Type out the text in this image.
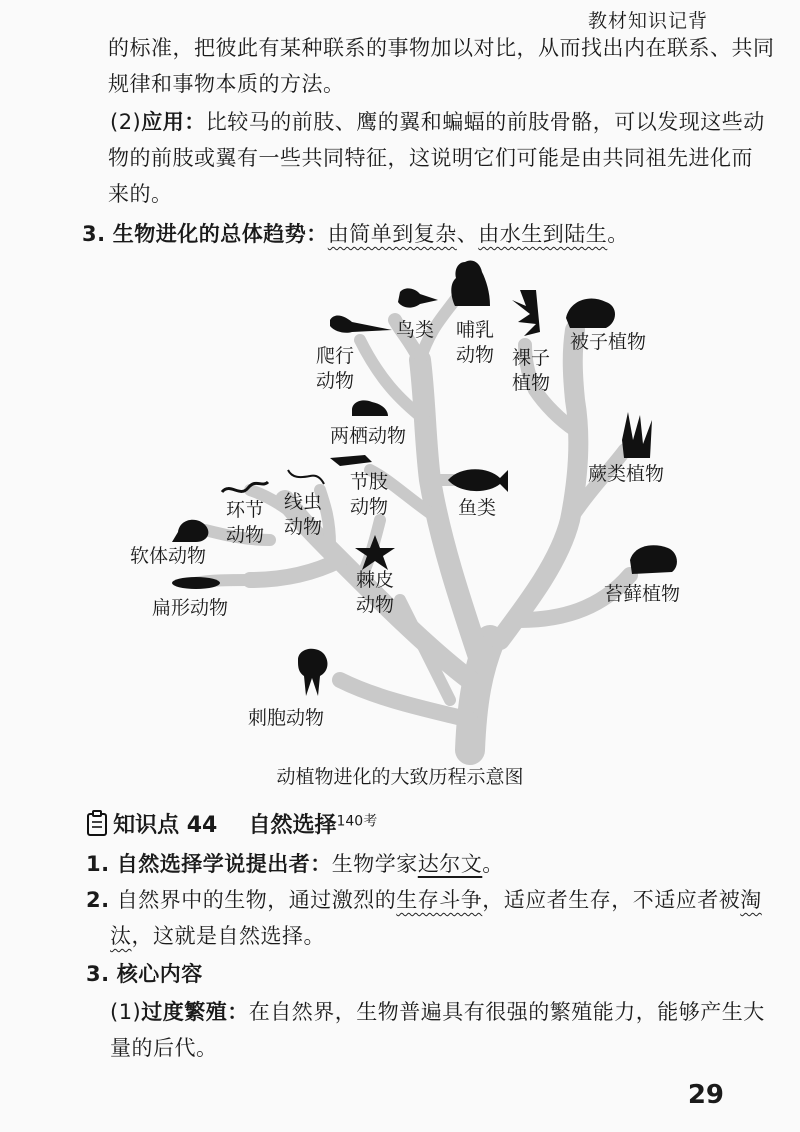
教材知识记背
的标准，把彼此有某种联系的事物加以对比，从而找出内在联系、共同
规律和事物本质的方法。
(2)应用：比较马的前肢、鹰的翼和蝙蝠的前肢骨骼，可以发现这些动
物的前肢或翼有一些共同特征，这说明它们可能是由共同祖先进化而
来的。
3. 生物进化的总体趋势：由简单到复杂、由水生到陆生。
鸟类 哺乳
动物
爬行
动物
裸子
植物
被子植物
两栖动物
环节
动物
线虫
动物
节肢
动物	鱼类
蕨类植物
软体动物
扁形动物
棘皮
动物	苔藓植物
刺胞动物
动植物进化的大致历程示意图
知识点 44 自然选择140考
1. 自然选择学说提出者：生物学家达尔文。
2. 自然界中的生物，通过激烈的生存斗争，适应者生存，不适应者被淘
汰，这就是自然选择。
3. 核心内容
(1)过度繁殖：在自然界，生物普遍具有很强的繁殖能力，能够产生大
量的后代。
29
